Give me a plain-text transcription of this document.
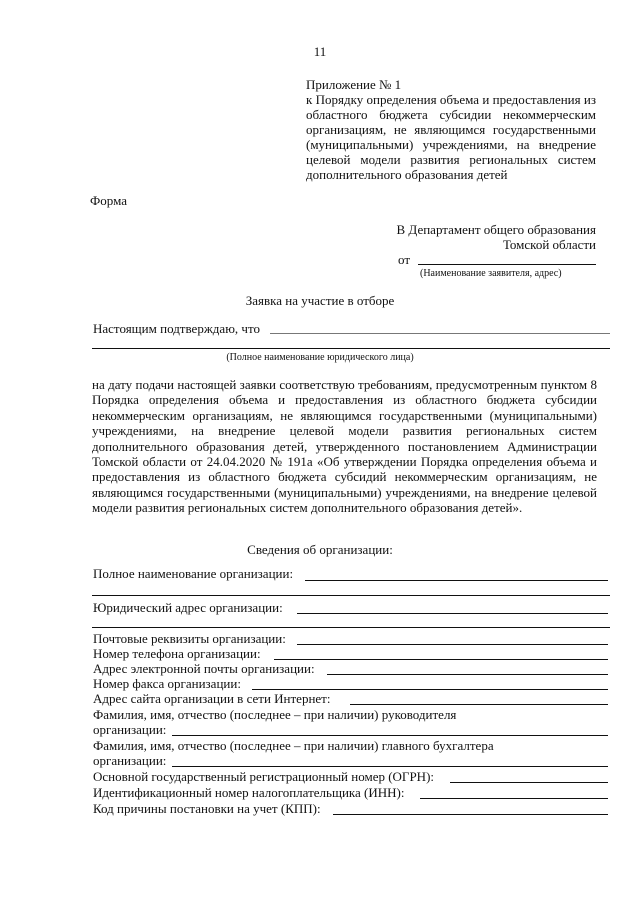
11
Приложение № 1
к Порядку определения объема и предоставления из областного бюджета субсидии некоммерческим организациям, не являющимся государственными (муниципальными) учреждениями, на внедрение целевой модели развития региональных систем дополнительного образования детей
Форма
В Департамент общего образования
Томской области
от
(Наименование заявителя, адрес)
Заявка на участие в отборе
Настоящим подтверждаю, что
(Полное наименование юридического лица)
на дату подачи настоящей заявки соответствую требованиям, предусмотренным пунктом 8 Порядка определения объема и предоставления из областного бюджета субсидии некоммерческим организациям, не являющимся государственными (муниципальными) учреждениями, на внедрение целевой модели развития региональных систем дополнительного образования детей, утвержденного постановлением Администрации Томской области от 24.04.2020 № 191а «Об утверждении Порядка определения объема и предоставления из областного бюджета субсидий некоммерческим организациям, не являющимся государственными (муниципальными) учреждениями, на внедрение целевой модели развития региональных систем дополнительного образования детей».
Сведения об организации:
Полное наименование организации:
Юридический адрес организации:
Почтовые реквизиты организации:
Номер телефона организации:
Адрес электронной почты организации:
Номер факса организации:
Адрес сайта организации в сети Интернет:
Фамилия, имя, отчество (последнее – при наличии) руководителя
организации:
Фамилия, имя, отчество (последнее – при наличии) главного бухгалтера
организации:
Основной государственный регистрационный номер (ОГРН):
Идентификационный номер налогоплательщика (ИНН):
Код причины постановки на учет (КПП):
